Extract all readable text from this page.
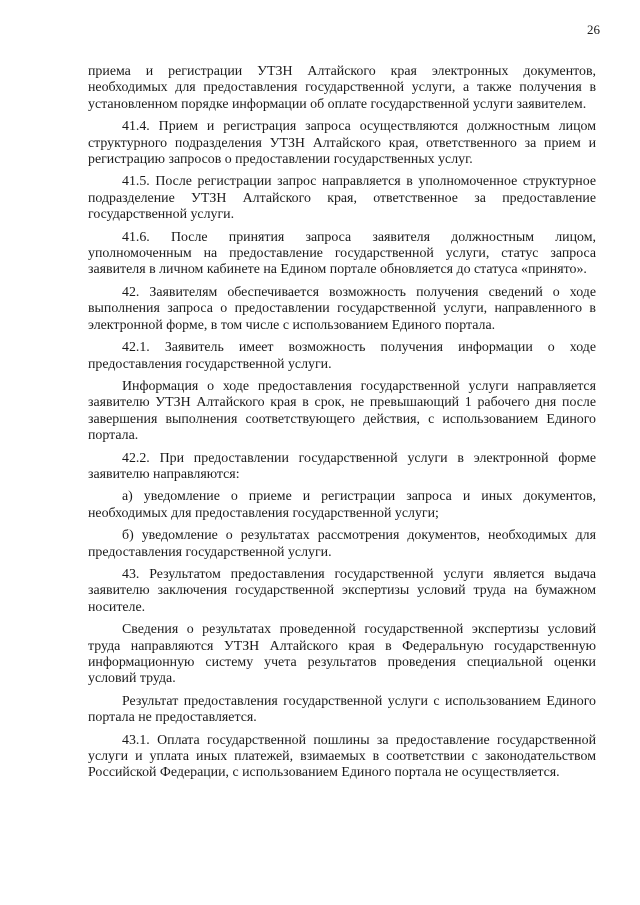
26

приема и регистрации УТЗН Алтайского края электронных документов, необходимых для предоставления государственной услуги, а также получения в установленном порядке информации об оплате государственной услуги заявителем.

41.4. Прием и регистрация запроса осуществляются должностным лицом структурного подразделения УТЗН Алтайского края, ответственного за прием и регистрацию запросов о предоставлении государственных услуг.

41.5. После регистрации запрос направляется в уполномоченное структурное подразделение УТЗН Алтайского края, ответственное за предоставление государственной услуги.

41.6. После принятия запроса заявителя должностным лицом, уполномоченным на предоставление государственной услуги, статус запроса заявителя в личном кабинете на Едином портале обновляется до статуса «принято».

42. Заявителям обеспечивается возможность получения сведений о ходе выполнения запроса о предоставлении государственной услуги, направленного в электронной форме, в том числе с использованием Единого портала.

42.1. Заявитель имеет возможность получения информации о ходе предоставления государственной услуги.

Информация о ходе предоставления государственной услуги направляется заявителю УТЗН Алтайского края в срок, не превышающий 1 рабочего дня после завершения выполнения соответствующего действия, с использованием Единого портала.

42.2. При предоставлении государственной услуги в электронной форме заявителю направляются:

а) уведомление о приеме и регистрации запроса и иных документов, необходимых для предоставления государственной услуги;

б) уведомление о результатах рассмотрения документов, необходимых для предоставления государственной услуги.

43. Результатом предоставления государственной услуги является выдача заявителю заключения государственной экспертизы условий труда на бумажном носителе.

Сведения о результатах проведенной государственной экспертизы условий труда направляются УТЗН Алтайского края в Федеральную государственную информационную систему учета результатов проведения специальной оценки условий труда.

Результат предоставления государственной услуги с использованием Единого портала не предоставляется.

43.1. Оплата государственной пошлины за предоставление государственной услуги и уплата иных платежей, взимаемых в соответствии с законодательством Российской Федерации, с использованием Единого портала не осуществляется.
